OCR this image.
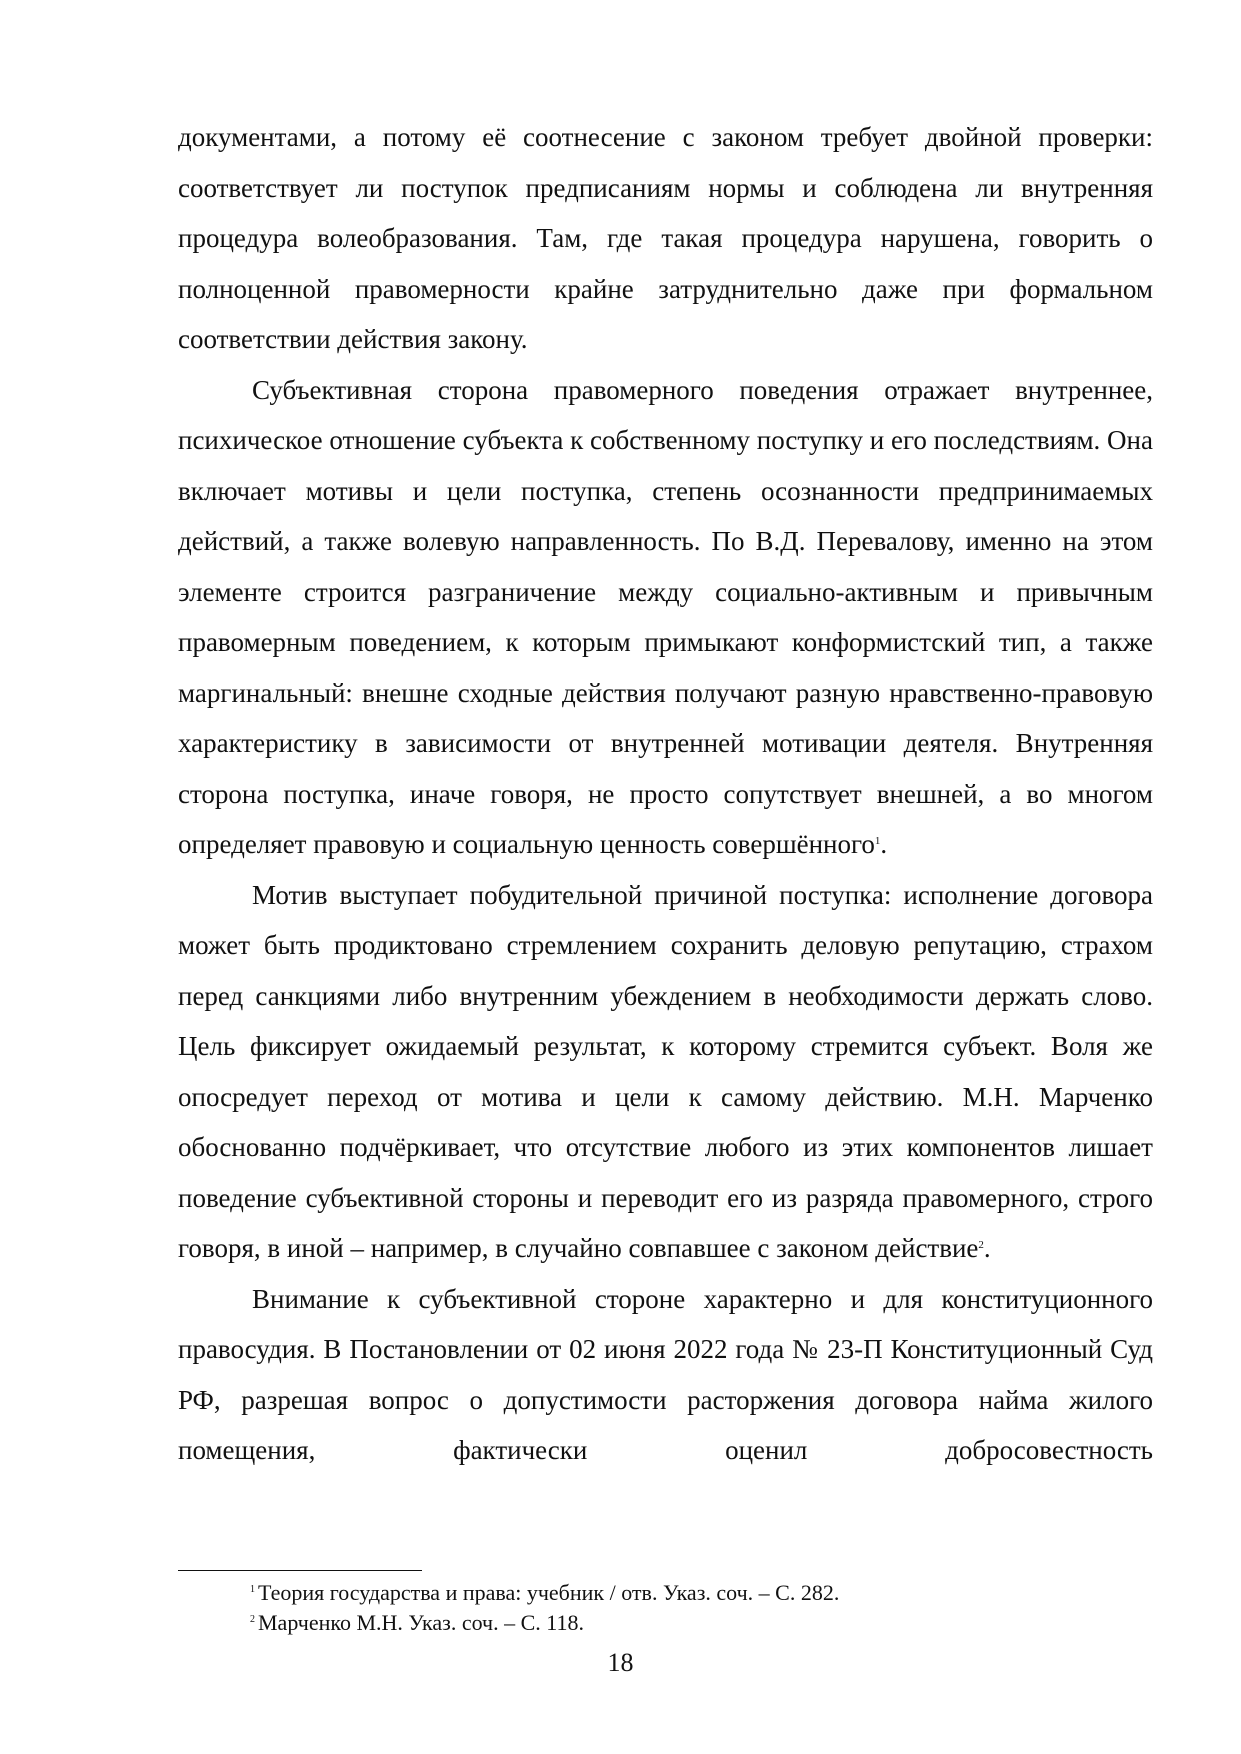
документами, а потому её соотнесение с законом требует двойной проверки: соответствует ли поступок предписаниям нормы и соблюдена ли внутренняя процедура волеобразования. Там, где такая процедура нарушена, говорить о полноценной правомерности крайне затруднительно даже при формальном соответствии действия закону.

Субъективная сторона правомерного поведения отражает внутреннее, психическое отношение субъекта к собственному поступку и его последствиям. Она включает мотивы и цели поступка, степень осознанности предпринимаемых действий, а также волевую направленность. По В.Д. Перевалову, именно на этом элементе строится разграничение между социально-активным и привычным правомерным поведением, к которым примыкают конформистский тип, а также маргинальный: внешне сходные действия получают разную нравственно-правовую характеристику в зависимости от внутренней мотивации деятеля. Внутренняя сторона поступка, иначе говоря, не просто сопутствует внешней, а во многом определяет правовую и социальную ценность совершённого$^1$.

Мотив выступает побудительной причиной поступка: исполнение договора может быть продиктовано стремлением сохранить деловую репутацию, страхом перед санкциями либо внутренним убеждением в необходимости держать слово. Цель фиксирует ожидаемый результат, к которому стремится субъект. Воля же опосредует переход от мотива и цели к самому действию. М.Н. Марченко обоснованно подчёркивает, что отсутствие любого из этих компонентов лишает поведение субъективной стороны и переводит его из разряда правомерного, строго говоря, в иной – например, в случайно совпавшее с законом действие$^2$.

Внимание к субъективной стороне характерно и для конституционного правосудия. В Постановлении от 02 июня 2022 года № 23-П Конституционный Суд РФ, разрешая вопрос о допустимости расторжения договора найма жилого помещения, фактически оценил добросовестность

$^1$ Теория государства и права: учебник / отв. Указ. соч. – С. 282.
$^2$ Марченко М.Н. Указ. соч. – С. 118.
18
